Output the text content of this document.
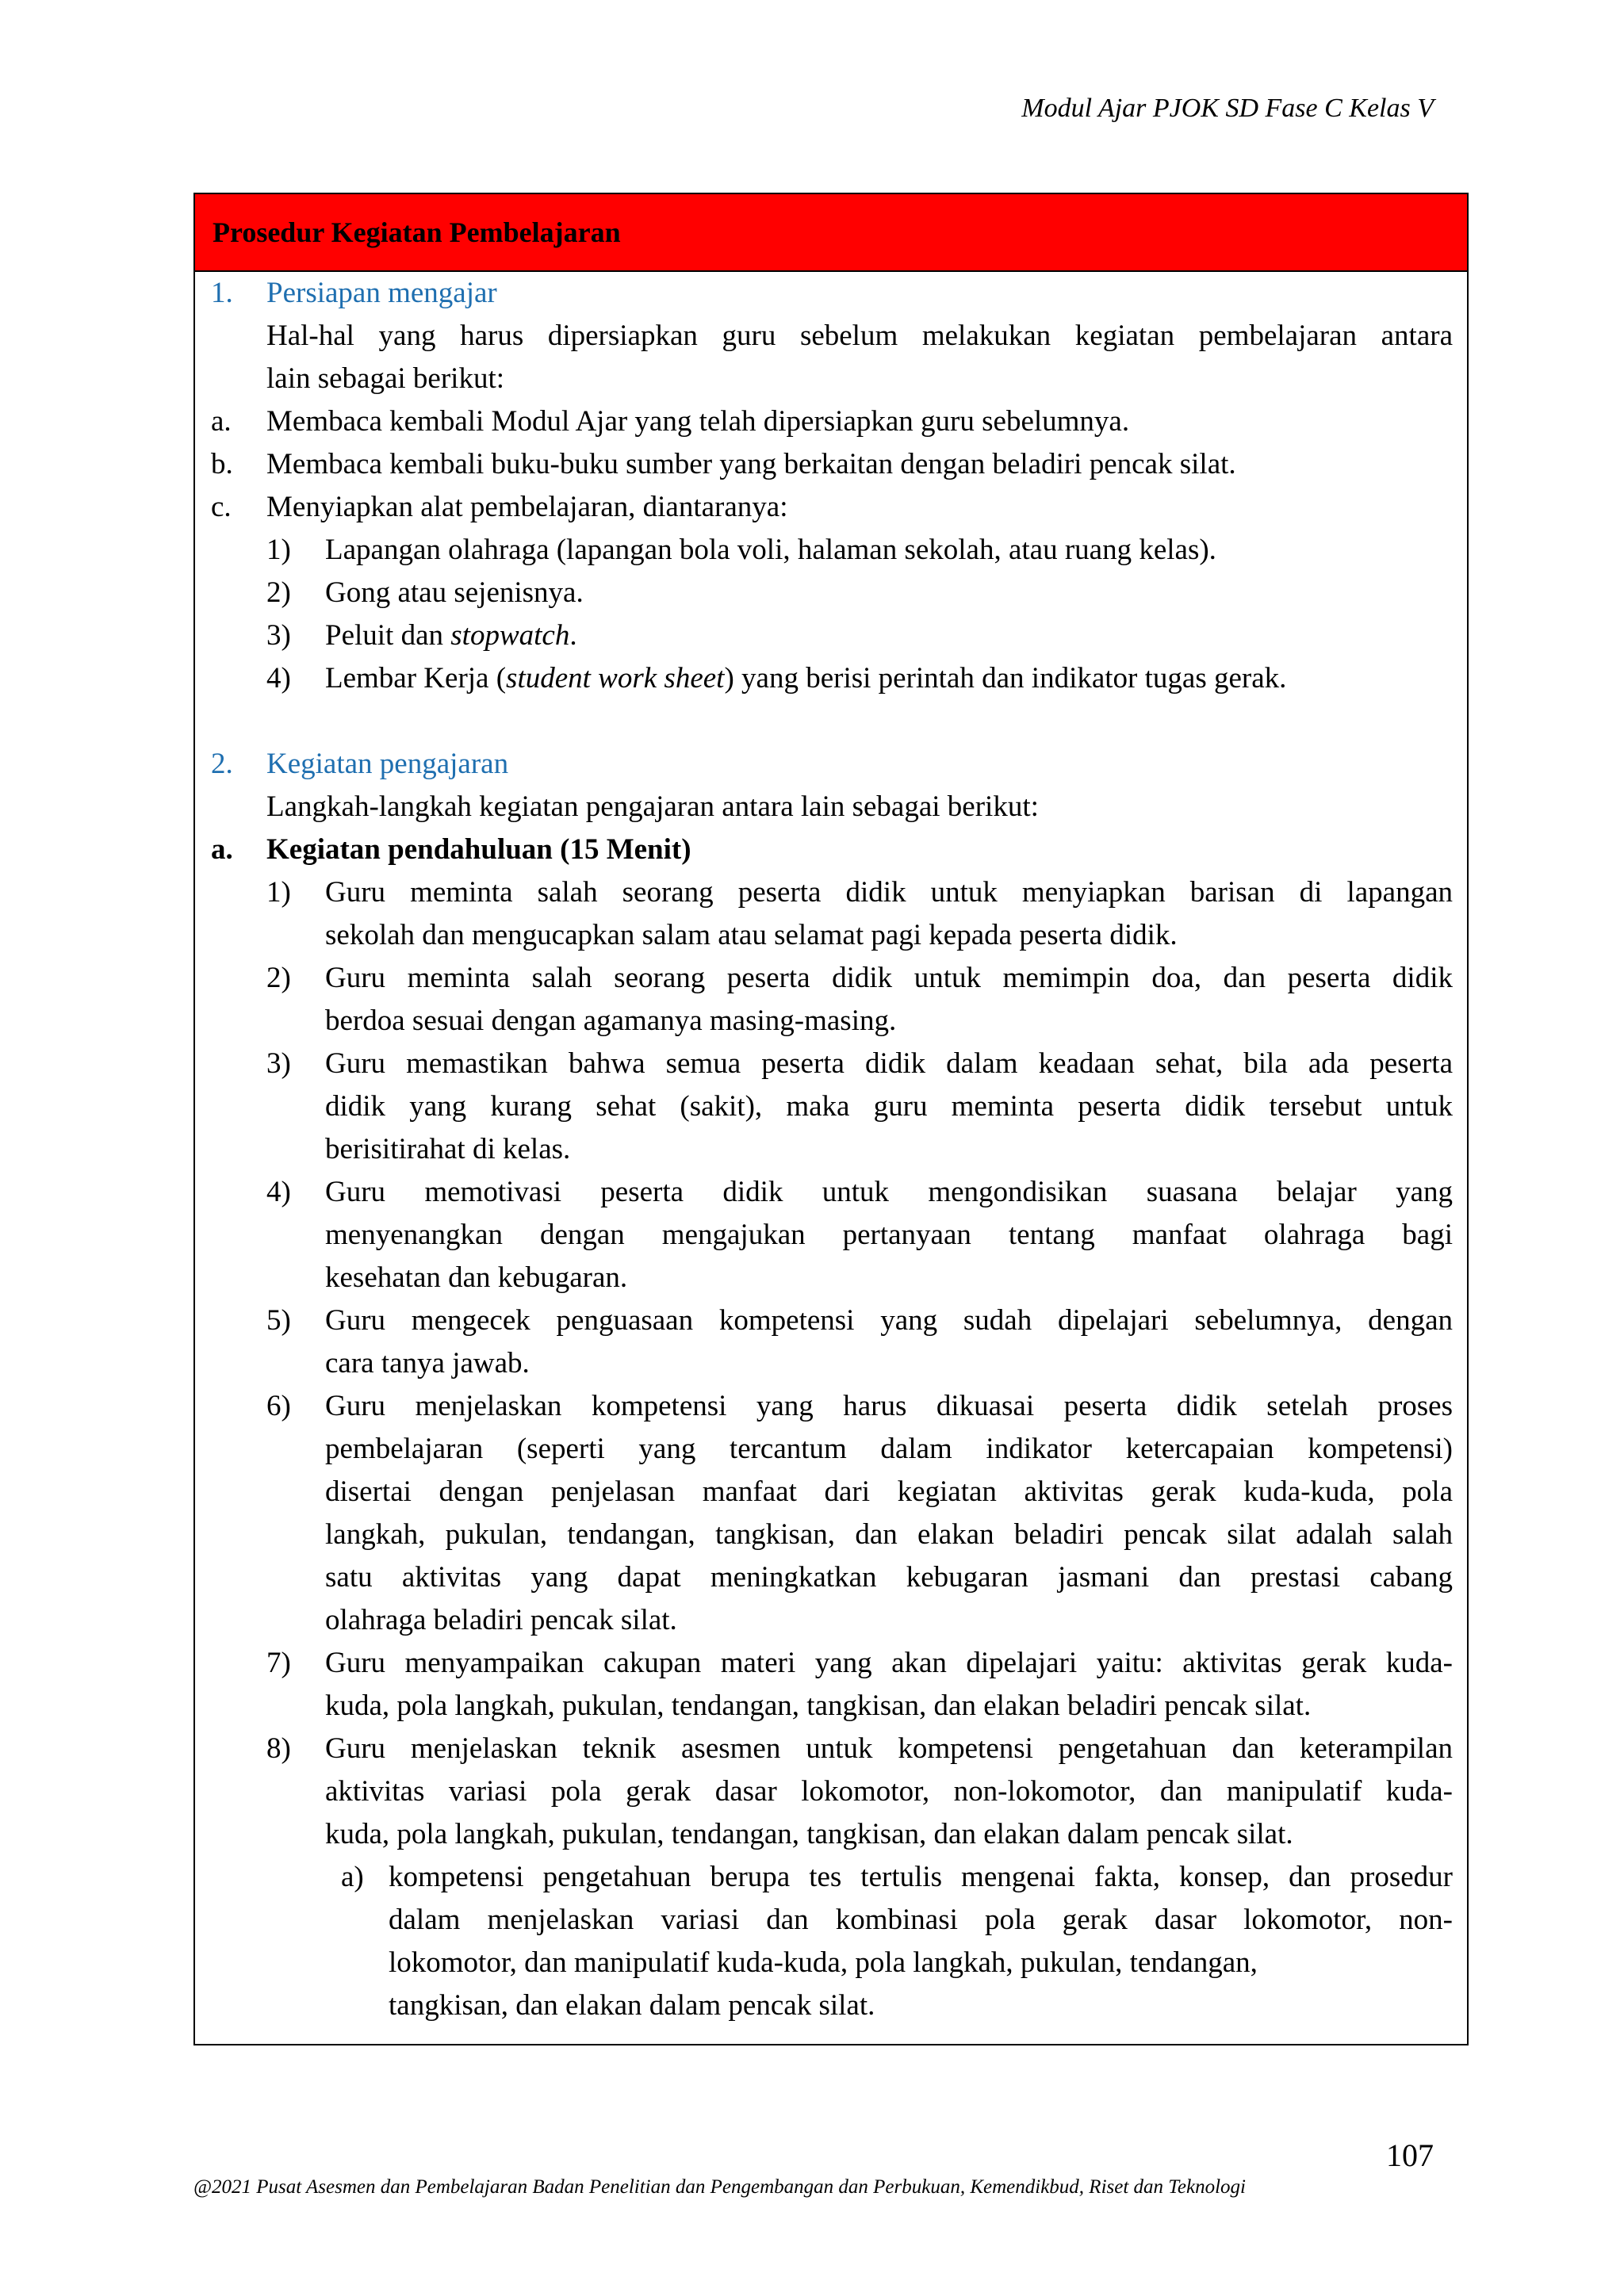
Modul Ajar PJOK SD Fase C Kelas V
Prosedur Kegiatan Pembelajaran
1. Persiapan mengajar
Hal-hal yang harus dipersiapkan guru sebelum melakukan kegiatan pembelajaran antara
lain sebagai berikut:
a. Membaca kembali Modul Ajar yang telah dipersiapkan guru sebelumnya.
b. Membaca kembali buku-buku sumber yang berkaitan dengan beladiri pencak silat.
c. Menyiapkan alat pembelajaran, diantaranya:
1) Lapangan olahraga (lapangan bola voli, halaman sekolah, atau ruang kelas).
2) Gong atau sejenisnya.
3) Peluit dan stopwatch.
4) Lembar Kerja (student work sheet) yang berisi perintah dan indikator tugas gerak.
2. Kegiatan pengajaran
Langkah-langkah kegiatan pengajaran antara lain sebagai berikut:
a. Kegiatan pendahuluan (15 Menit)
1) Guru meminta salah seorang peserta didik untuk menyiapkan barisan di lapangan
sekolah dan mengucapkan salam atau selamat pagi kepada peserta didik.
2) Guru meminta salah seorang peserta didik untuk memimpin doa, dan peserta didik
berdoa sesuai dengan agamanya masing-masing.
3) Guru memastikan bahwa semua peserta didik dalam keadaan sehat, bila ada peserta
didik yang kurang sehat (sakit), maka guru meminta peserta didik tersebut untuk
berisitirahat di kelas.
4) Guru memotivasi peserta didik untuk mengondisikan suasana belajar yang
menyenangkan dengan mengajukan pertanyaan tentang manfaat olahraga bagi
kesehatan dan kebugaran.
5) Guru mengecek penguasaan kompetensi yang sudah dipelajari sebelumnya, dengan
cara tanya jawab.
6) Guru menjelaskan kompetensi yang harus dikuasai peserta didik setelah proses
pembelajaran (seperti yang tercantum dalam indikator ketercapaian kompetensi)
disertai dengan penjelasan manfaat dari kegiatan aktivitas gerak kuda-kuda, pola
langkah, pukulan, tendangan, tangkisan, dan elakan beladiri pencak silat adalah salah
satu aktivitas yang dapat meningkatkan kebugaran jasmani dan prestasi cabang
olahraga beladiri pencak silat.
7) Guru menyampaikan cakupan materi yang akan dipelajari yaitu: aktivitas gerak kuda-
kuda, pola langkah, pukulan, tendangan, tangkisan, dan elakan beladiri pencak silat.
8) Guru menjelaskan teknik asesmen untuk kompetensi pengetahuan dan keterampilan
aktivitas variasi pola gerak dasar lokomotor, non-lokomotor, dan manipulatif kuda-
kuda, pola langkah, pukulan, tendangan, tangkisan, dan elakan dalam pencak silat.
a) kompetensi pengetahuan berupa tes tertulis mengenai fakta, konsep, dan prosedur
dalam menjelaskan variasi dan kombinasi pola gerak dasar lokomotor, non-
lokomotor, dan manipulatif kuda-kuda, pola langkah, pukulan, tendangan,
tangkisan, dan elakan dalam pencak silat.
107
@2021 Pusat Asesmen dan Pembelajaran Badan Penelitian dan Pengembangan dan Perbukuan, Kemendikbud, Riset dan Teknologi
